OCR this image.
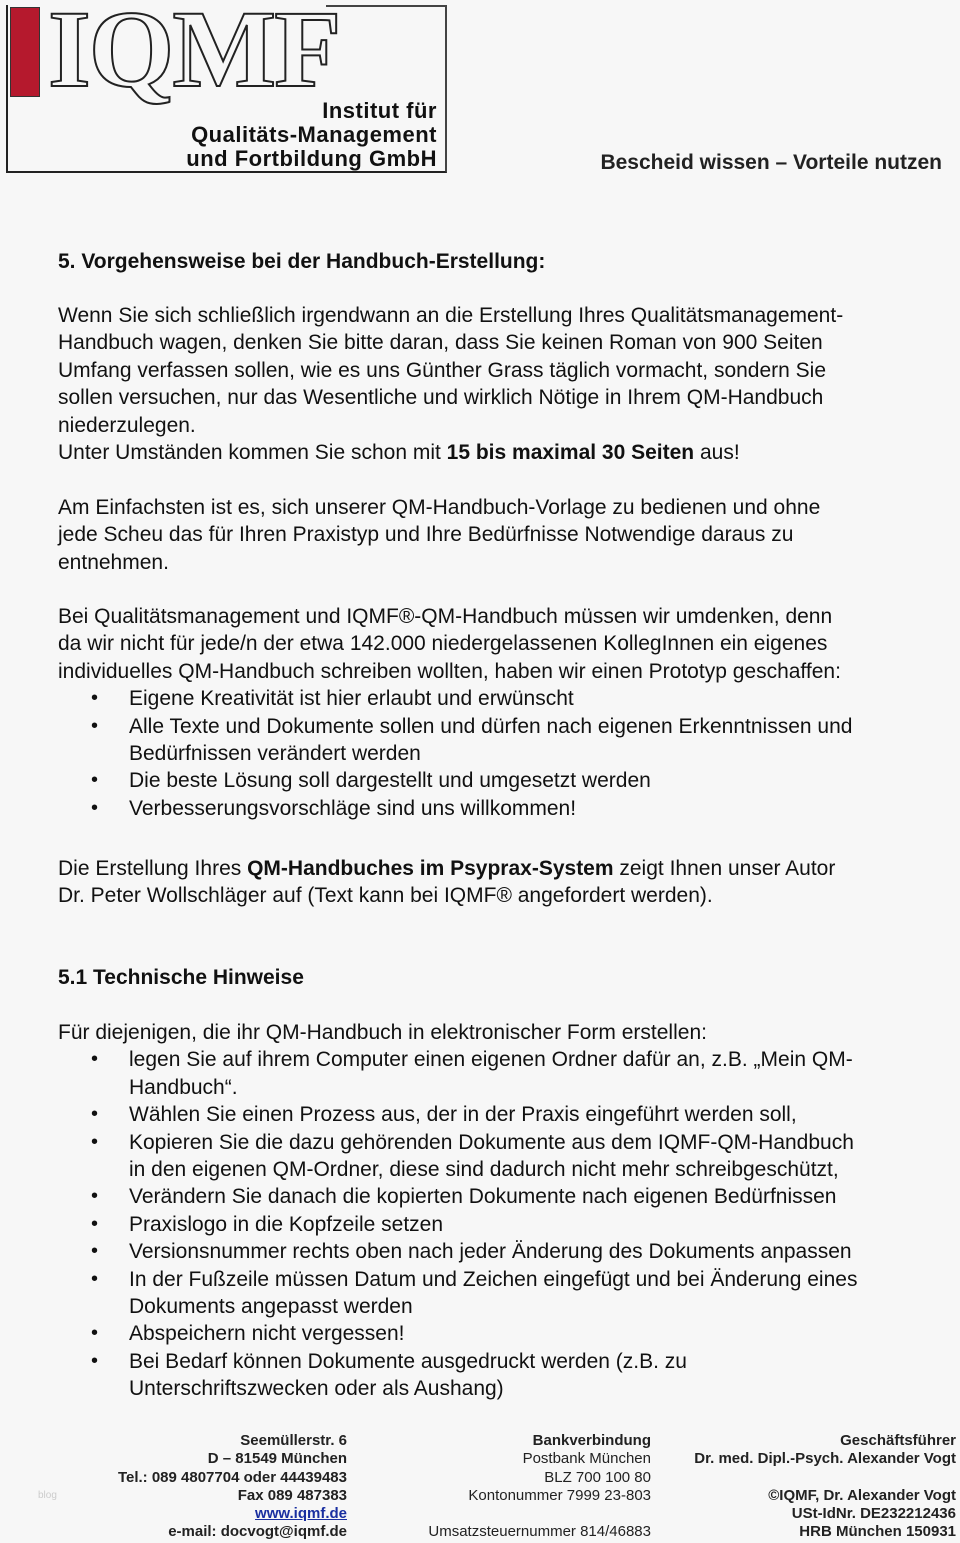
IQMF
Institut für
Qualitäts-Management
und Fortbildung GmbH	Bescheid wissen – Vorteile nutzen
5. Vorgehensweise bei der Handbuch-Erstellung:
Wenn Sie sich schließlich irgendwann an die Erstellung Ihres Qualitätsmanagement-
Handbuch wagen, denken Sie bitte daran, dass Sie keinen Roman von 900 Seiten
Umfang verfassen sollen, wie es uns Günther Grass täglich vormacht, sondern Sie
sollen versuchen, nur das Wesentliche und wirklich Nötige in Ihrem QM-Handbuch
niederzulegen.
Unter Umständen kommen Sie schon mit 15 bis maximal 30 Seiten aus!
Am Einfachsten ist es, sich unserer QM-Handbuch-Vorlage zu bedienen und ohne
jede Scheu das für Ihren Praxistyp und Ihre Bedürfnisse Notwendige daraus zu
entnehmen.
Bei Qualitätsmanagement und IQMF®-QM-Handbuch müssen wir umdenken, denn
da wir nicht für jede/n der etwa 142.000 niedergelassenen KollegInnen ein eigenes
individuelles QM-Handbuch schreiben wollten, haben wir einen Prototyp geschaffen:
• Eigene Kreativität ist hier erlaubt und erwünscht
• Alle Texte und Dokumente sollen und dürfen nach eigenen Erkenntnissen und
Bedürfnissen verändert werden
• Die beste Lösung soll dargestellt und umgesetzt werden
• Verbesserungsvorschläge sind uns willkommen!
Die Erstellung Ihres QM-Handbuches im Psyprax-System zeigt Ihnen unser Autor
Dr. Peter Wollschläger auf (Text kann bei IQMF® angefordert werden).
5.1 Technische Hinweise
Für diejenigen, die ihr QM-Handbuch in elektronischer Form erstellen:
• legen Sie auf ihrem Computer einen eigenen Ordner dafür an, z.B. „Mein QM-
Handbuch“.
• Wählen Sie einen Prozess aus, der in der Praxis eingeführt werden soll,
• Kopieren Sie die dazu gehörenden Dokumente aus dem IQMF-QM-Handbuch
in den eigenen QM-Ordner, diese sind dadurch nicht mehr schreibgeschützt,
• Verändern Sie danach die kopierten Dokumente nach eigenen Bedürfnissen
• Praxislogo in die Kopfzeile setzen
• Versionsnummer rechts oben nach jeder Änderung des Dokuments anpassen
• In der Fußzeile müssen Datum und Zeichen eingefügt und bei Änderung eines
Dokuments angepasst werden
• Abspeichern nicht vergessen!
• Bei Bedarf können Dokumente ausgedruckt werden (z.B. zu
Unterschriftszwecken oder als Aushang)
blog
Seemüllerstr. 6
D – 81549 München
Tel.: 089 4807704 oder 44439483
Fax 089 487383
www.iqmf.de
e-mail: docvogt@iqmf.de
Bankverbindung
Postbank München
BLZ 700 100 80
Kontonummer 7999 23-803

Umsatzsteuernummer 814/46883
Geschäftsführer
Dr. med. Dipl.-Psych. Alexander Vogt

©IQMF, Dr. Alexander Vogt
USt-IdNr. DE232212436
HRB München 150931
